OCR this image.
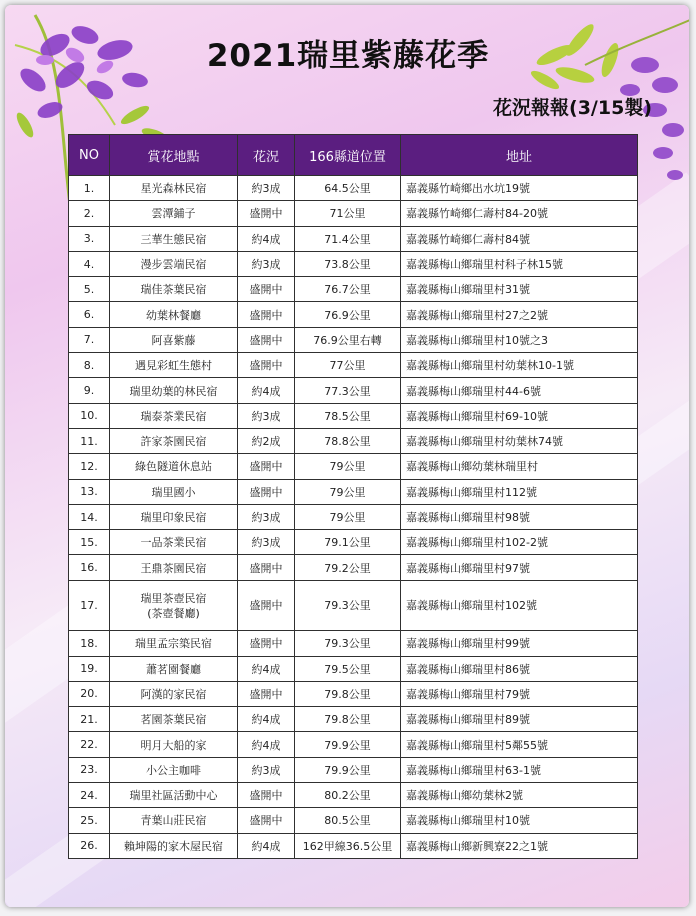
2021瑞里紫藤花季
花況報報(3/15製)
NO	賞花地點	花況	166縣道位置	地址
1.	星光森林民宿	約3成	64.5公里	嘉義縣竹崎鄉出水坑19號
2.	雲潭鋪子	盛開中	71公里	嘉義縣竹崎鄉仁壽村84-20號
3.	三華生態民宿	約4成	71.4公里	嘉義縣竹崎鄉仁壽村84號
4.	漫步雲端民宿	約3成	73.8公里	嘉義縣梅山鄉瑞里村科子林15號
5.	瑞佳茶葉民宿	盛開中	76.7公里	嘉義縣梅山鄉瑞里村31號
6.	幼葉林餐廳	盛開中	76.9公里	嘉義縣梅山鄉瑞里村27之2號
7.	阿喜紫藤	盛開中	76.9公里右轉	嘉義縣梅山鄉瑞里村10號之3
8.	遇見彩虹生態村	盛開中	77公里	嘉義縣梅山鄉瑞里村幼葉林10-1號
9.	瑞里幼葉的林民宿	約4成	77.3公里	嘉義縣梅山鄉瑞里村44-6號
10.	瑞泰茶業民宿	約3成	78.5公里	嘉義縣梅山鄉瑞里村69-10號
11.	許家茶園民宿	約2成	78.8公里	嘉義縣梅山鄉瑞里村幼葉林74號
12.	綠色隧道休息站	盛開中	79公里	嘉義縣梅山鄉幼葉林瑞里村
13.	瑞里國小	盛開中	79公里	嘉義縣梅山鄉瑞里村112號
14.	瑞里印象民宿	約3成	79公里	嘉義縣梅山鄉瑞里村98號
15.	一品茶業民宿	約3成	79.1公里	嘉義縣梅山鄉瑞里村102-2號
16.	王鼎茶園民宿	盛開中	79.2公里	嘉義縣梅山鄉瑞里村97號
17.	瑞里茶壺民宿
(茶壺餐廳)	盛開中	79.3公里	嘉義縣梅山鄉瑞里村102號
18.	瑞里孟宗築民宿	盛開中	79.3公里	嘉義縣梅山鄉瑞里村99號
19.	蕭茗園餐廳	約4成	79.5公里	嘉義縣梅山鄉瑞里村86號
20.	阿漢的家民宿	盛開中	79.8公里	嘉義縣梅山鄉瑞里村79號
21.	茗園茶葉民宿	約4成	79.8公里	嘉義縣梅山鄉瑞里村89號
22.	明月大船的家	約4成	79.9公里	嘉義縣梅山鄉瑞里村5鄰55號
23.	小公主咖啡	約3成	79.9公里	嘉義縣梅山鄉瑞里村63-1號
24.	瑞里社區活動中心	盛開中	80.2公里	嘉義縣梅山鄉幼葉林2號
25.	青葉山莊民宿	盛開中	80.5公里	嘉義縣梅山鄉瑞里村10號
26.	賴坤陽的家木屋民宿	約4成	162甲線36.5公里	嘉義縣梅山鄉新興寮22之1號
